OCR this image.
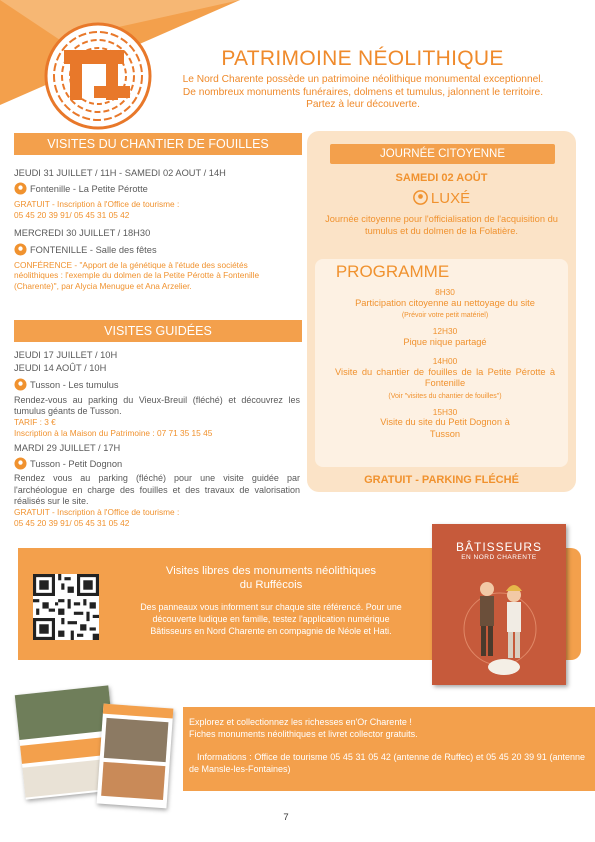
PATRIMOINE NÉOLITHIQUE
Le Nord Charente possède un patrimoine néolithique monumental exceptionnel.
De nombreux monuments funéraires, dolmens et tumulus, jalonnent le territoire.
Partez à leur découverte.
VISITES DU CHANTIER DE FOUILLES
JEUDI 31 JUILLET / 11H - SAMEDI 02 AOUT / 14H
Fontenille - La Petite Pérotte
GRATUIT - Inscription à l'Office de tourisme :
05 45 20 39 91/ 05 45 31 05 42
MERCREDI 30 JUILLET / 18H30
FONTENILLE - Salle des fêtes
CONFÉRENCE - "Apport de la génétique à l'étude des sociétés
néolithiques : l'exemple du dolmen de la Petite Pérotte à Fontenille
(Charente)", par Alycia Menugue et Ana Arzelier.
VISITES GUIDÉES
JEUDI 17 JUILLET / 10H
JEUDI 14 AOÛT / 10H
Tusson - Les tumulus
Rendez-vous au parking du Vieux-Breuil (fléché) et découvrez les tumulus géants de Tusson.
TARIF : 3 €
Inscription à la Maison du Patrimoine : 07 71 35 15 45
MARDI 29 JUILLET / 17H
Tusson - Petit Dognon
Rendez vous au parking (fléché) pour une visite guidée par l'archéologue en charge des fouilles et des travaux de valorisation réalisés sur le site.
GRATUIT - Inscription à l'Office de tourisme :
05 45 20 39 91/ 05 45 31 05 42
JOURNÉE CITOYENNE
SAMEDI 02 AOÛT
LUXÉ
Journée citoyenne pour l'officialisation de l'acquisition du tumulus et du dolmen de la Folatière.
PROGRAMME
8H30
Participation citoyenne au nettoyage du site
(Prévoir votre petit matériel)
12H30
Pique nique partagé
14H00
Visite du chantier de fouilles de la Petite Pérotte à Fontenille
(Voir "visites du chantier de fouilles")
15H30
Visite du site du Petit Dognon à Tusson
GRATUIT - PARKING FLÉCHÉ
Visites libres des monuments néolithiques
du Ruffécois
Des panneaux vous informent sur chaque site référencé. Pour une découverte ludique en famille, testez l'application numérique Bâtisseurs en Nord Charente en compagnie de Néole et Hati.
BÂTISSEURS
EN NORD CHARENTE
Explorez et collectionnez les richesses en'Or Charente !
Fiches monuments néolithiques et livret collector gratuits.
Informations : Office de tourisme 05 45 31 05 42 (antenne de Ruffec) et 05 45 20 39 91 (antenne de Mansle-les-Fontaines)
7
